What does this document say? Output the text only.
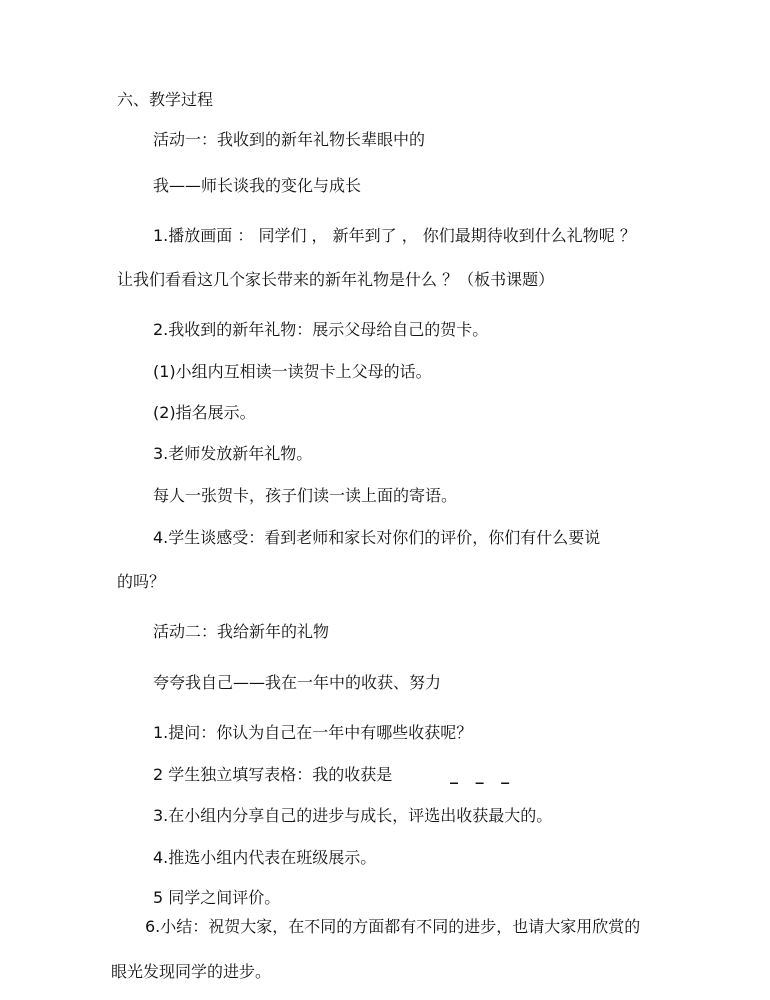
六、教学过程
活动一：我收到的新年礼物长辈眼中的
我——师长谈我的变化与成长
1.播放画面 ： 同学们 ， 新年到了 ， 你们最期待收到什么礼物呢 ？
让我们看看这几个家长带来的新年礼物是什么 ？（板书课题）
2.我收到的新年礼物：展示父母给自己的贺卡。
(1)小组内互相读一读贺卡上父母的话。
(2)指名展示。
3.老师发放新年礼物。
每人一张贺卡，孩子们读一读上面的寄语。
4.学生谈感受：看到老师和家长对你们的评价，你们有什么要说
的吗？
活动二：我给新年的礼物
夸夸我自己——我在一年中的收获、努力
1.提问：你认为自己在一年中有哪些收获呢？
2 学生独立填写表格：我的收获是	_ _ _
3.在小组内分享自己的进步与成长，评选出收获最大的。
4.推选小组内代表在班级展示。
5 同学之间评价。
6.小结：祝贺大家，在不同的方面都有不同的进步，也请大家用欣赏的
眼光发现同学的进步。
